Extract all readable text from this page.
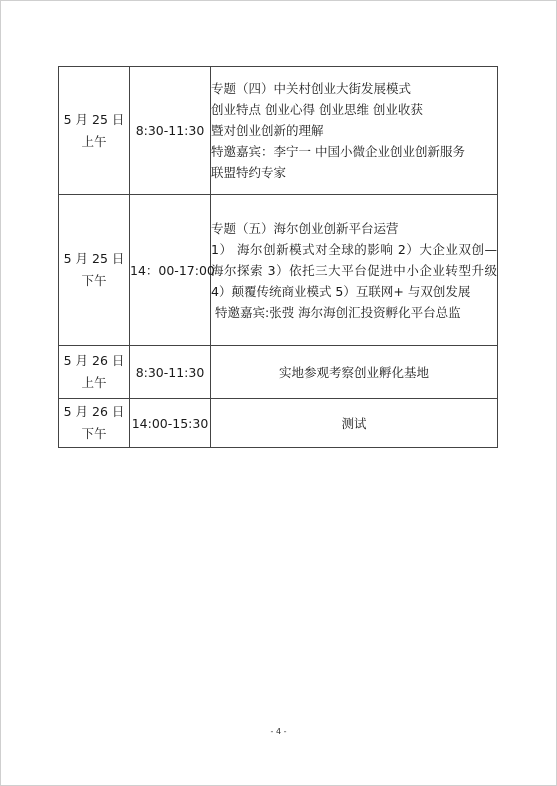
5 月 25 日
上午	8:30-11:30	专题（四）中关村创业大街发展模式
创业特点 创业心得 创业思维 创业收获
暨对创业创新的理解
特邀嘉宾：李宁一 中国小微企业创业创新服务
联盟特约专家

5 月 25 日
下午	14：00-17:00	专题（五）海尔创业创新平台运营
1） 海尔创新模式对全球的影响 2）大企业双创—海尔探索 3）依托三大平台促进中小企业转型升级 4）颠覆传统商业模式 5）互联网+ 与双创发展
特邀嘉宾:张弢 海尔海创汇投资孵化平台总监

5 月 26 日
上午	8:30-11:30	实地参观考察创业孵化基地

5 月 26 日
下午	14:00-15:30	测试
- 4 -
